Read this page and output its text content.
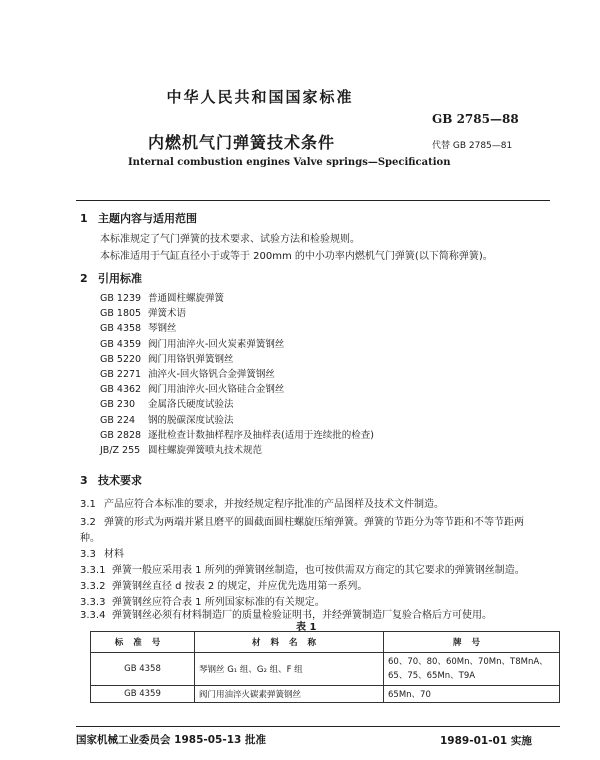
中华人民共和国国家标准
GB 2785—88
内燃机气门弹簧技术条件	代替 GB 2785—81
Internal combustion engines Valve springs—Specification
1 主题内容与适用范围
本标准规定了气门弹簧的技术要求、试验方法和检验规则。
本标准适用于气缸直径小于或等于 200mm 的中小功率内燃机气门弹簧(以下简称弹簧)。
2 引用标准
GB 1239 普通圆柱螺旋弹簧
GB 1805 弹簧术语
GB 4358 琴钢丝
GB 4359 阀门用油淬火-回火炭素弹簧钢丝
GB 5220 阀门用铬钒弹簧钢丝
GB 2271 油淬火-回火铬钒合金弹簧钢丝
GB 4362 阀门用油淬火-回火铬硅合金钢丝
GB 230 金属洛氏硬度试验法
GB 224 钢的脱碳深度试验法
GB 2828 逐批检查计数抽样程序及抽样表(适用于连续批的检查)
JB/Z 255 圆柱螺旋弹簧喷丸技术规范
3 技术要求
3.1 产品应符合本标准的要求，并按经规定程序批准的产品图样及技术文件制造。
3.2 弹簧的形式为两端并紧且磨平的圆截面圆柱螺旋压缩弹簧。弹簧的节距分为等节距和不等节距两
种。
3.3 材料
3.3.1 弹簧一般应采用表 1 所列的弹簧钢丝制造，也可按供需双方商定的其它要求的弹簧钢丝制造。
3.3.2 弹簧钢丝直径 d 按表 2 的规定，并应优先选用第一系列。
3.3.3 弹簧钢丝应符合表 1 所列国家标准的有关规定。
3.3.4 弹簧钢丝必须有材料制造厂的质量检验证明书，并经弹簧制造厂复验合格后方可使用。
表 1
标准号	材料名称	牌号
GB 4358	琴钢丝 G₁ 组、G₂ 组、F 组	60、70、80、60Mn、70Mn、T8MnA、65、75、65Mn、T9A
GB 4359	阀门用油淬火碳素弹簧钢丝	65Mn、70
国家机械工业委员会 1985-05-13 批准	1989-01-01 实施
